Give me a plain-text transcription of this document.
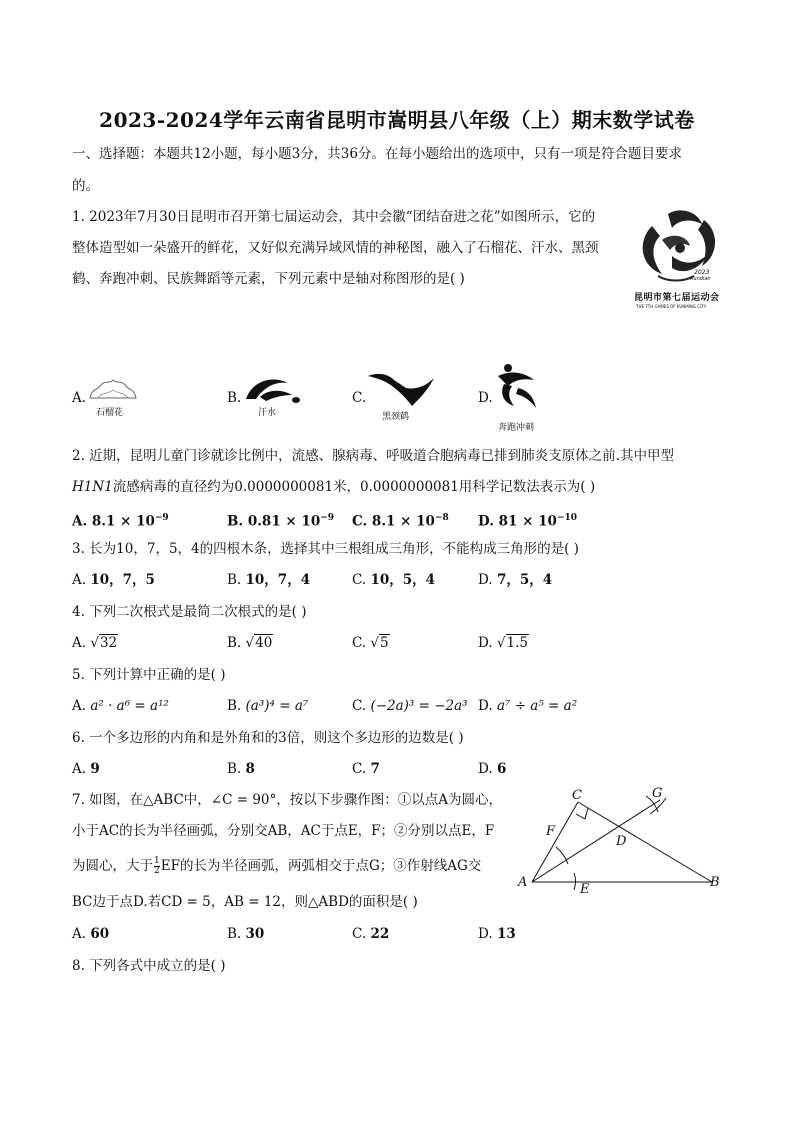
2023-2024学年云南省昆明市嵩明县八年级（上）期末数学试卷
一、选择题：本题共12小题，每小题3分，共36分。在每小题给出的选项中，只有一项是符合题目要求
的。
1. 2023年7月30日昆明市召开第七届运动会，其中会徽“团结奋进之花”如图所示，它的
整体造型如一朵盛开的鲜花，又好似充满异域风情的神秘图，融入了石榴花、汗水、黑颈
鹤、奔跑冲刺、民族舞蹈等元素，下列元素中是轴对称图形的是( )	2023
Xundian
昆明市第七届运动会
THE 7TH GAMES OF KUNMING CITY
A.
石榴花
B.
汗水
C.
黑颈鹤
D.
奔跑冲刺
2. 近期，昆明儿童门诊就诊比例中，流感、腺病毒、呼吸道合胞病毒已排到肺炎支原体之前.其中甲型
H1N1流感病毒的直径约为0.0000000081米，0.0000000081用科学记数法表示为( )
A. $8.1 \times 10^{-9}$	B. $0.81 \times 10^{-9}$ C. $8.1 \times 10^{-8}$ D. $81 \times 10^{-10}$
3. 长为10，7，5，4的四根木条，选择其中三根组成三角形，不能构成三角形的是( )
A. 10，7，5	B. 10，7，4	C. 10，5，4	D. 7，5，4
4. 下列二次根式是最简二次根式的是( )
A. √32	B. √40	C. √5	D. √1.5
5. 下列计算中正确的是( )
A. a² · a⁶ = a¹²	B. (a³)⁴ = a⁷	C. (−2a)³ = −2a³ D. a⁷ ÷ a⁵ = a²
6. 一个多边形的内角和是外角和的3倍，则这个多边形的边数是( )
A. 9	B. 8	C. 7	D. 6
7. 如图，在△ABC中，∠C = 90°，按以下步骤作图：①以点A为圆心，
小于AC的长为半径画弧，分别交AB，AC于点E，F；②分别以点E，F
为圆心，大于 $\frac{1}{2}$ EF的长为半径画弧，两弧相交于点G；③作射线AG交
BC边于点D.若CD = 5，AB = 12，则△ABD的面积是( )
C	G
F
D
A	E	B
A. 60	B. 30	C. 22	D. 13
8. 下列各式中成立的是( )
